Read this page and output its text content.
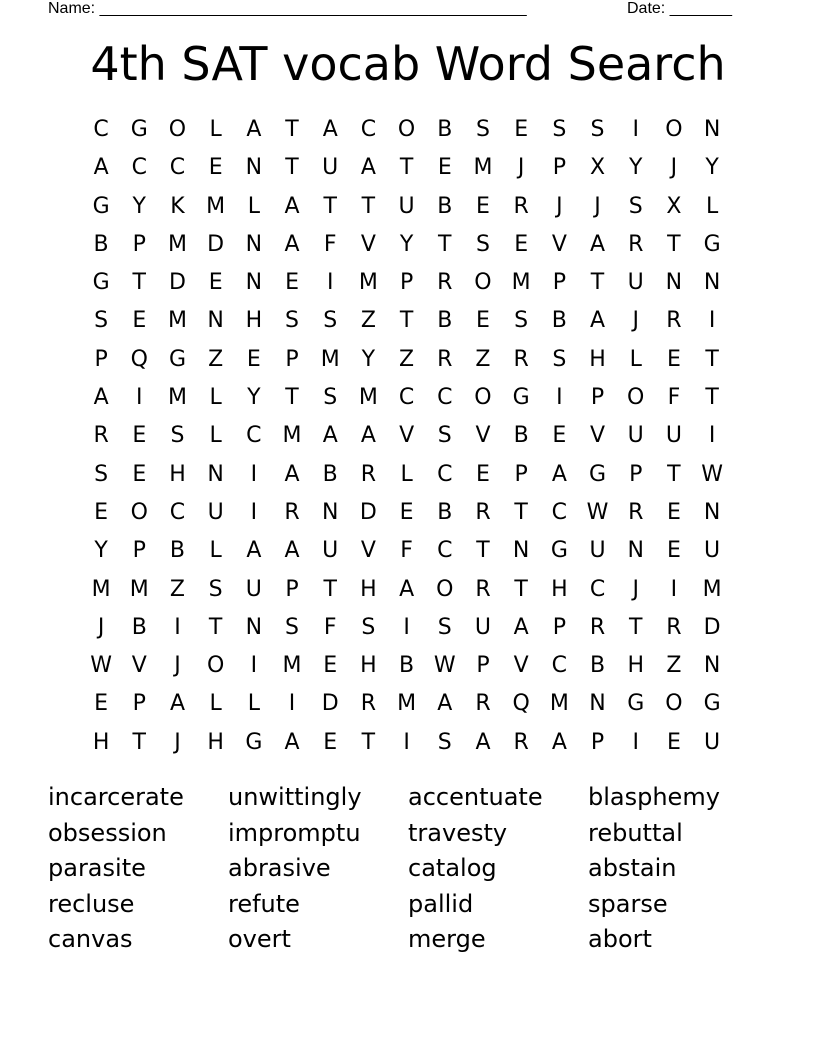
Name: ________________________________________________	Date: _______
4th SAT vocab Word Search
C G O	L	A	T	A	C O B	S	E	S	S	I	O N
A	C	C	E	N	T	U	A	T	E M	J	P	X	Y	J	Y
G	Y	K M	L	A	T	T	U	B	E	R	J	J	S	X	L
B	P	M D N	A	F	V	Y	T	S	E	V	A	R	T	G
G	T	D	E	N	E	I	M	P	R O M	P	T	U N N
S	E M N H	S	S	Z	T	B	E	S	B	A	J	R	I
P	Q G	Z	E	P	M Y	Z	R	Z	R	S	H	L	E	T
A	I	M	L	Y	T	S M C	C O G	I	P	O	F	T
R	E	S	L	C M A	A	V	S	V	B	E	V	U	U	I
S	E	H N	I	A	B	R	L	C	E	P	A	G	P	T W
E	O C	U	I	R	N D	E	B	R	T	C W R	E	N
Y	P	B	L	A	A	U	V	F	C	T	N G U N	E	U
M M Z	S	U	P	T	H	A O R	T	H	C	J	I	M
J	B	I	T	N	S	F	S	I	S	U	A	P	R	T	R	D
W V	J	O	I	M E	H	B W P	V	C	B	H	Z	N
E	P	A	L	L	I	D	R M A	R Q M N G O G
H	T	J	H G	A	E	T	I	S	A	R	A	P	I	E	U
incarcerate	unwittingly	accentuate	blasphemy
obsession	impromptu	travesty	rebuttal
parasite	abrasive	catalog	abstain
recluse	refute	pallid	sparse
canvas	overt	merge	abort
